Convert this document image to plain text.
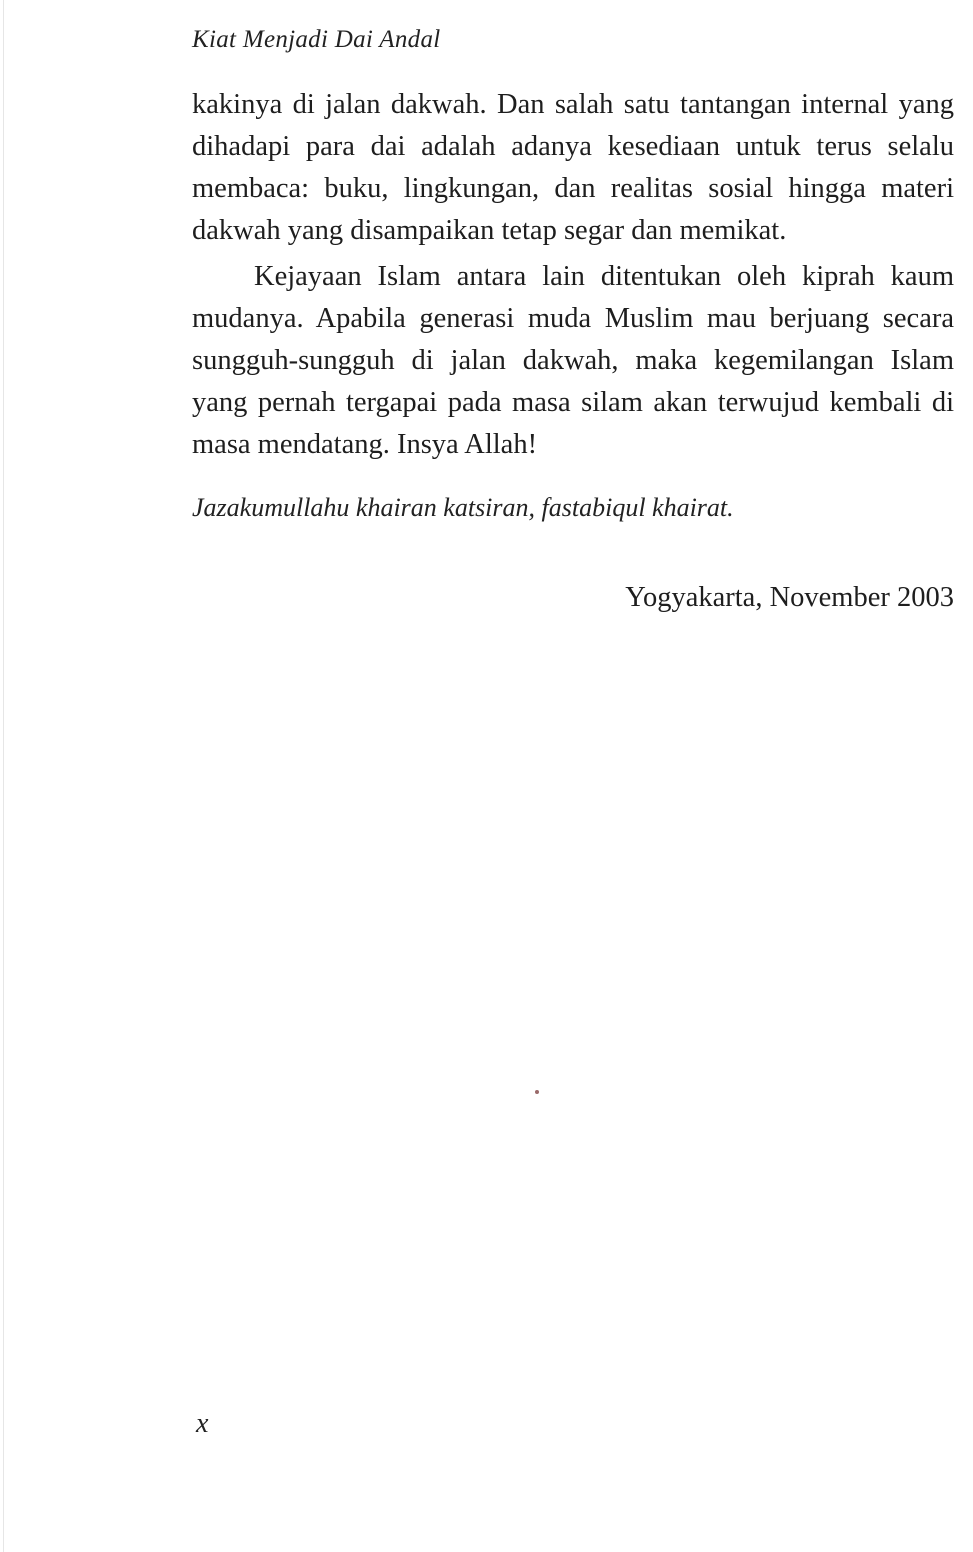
Kiat Menjadi Dai Andal

kakinya di jalan dakwah. Dan salah satu tantangan internal yang dihadapi para dai adalah adanya kesediaan untuk terus selalu membaca: buku, lingkungan, dan realitas sosial hingga materi dakwah yang disampaikan tetap segar dan memikat.

Kejayaan Islam antara lain ditentukan oleh kiprah kaum mudanya. Apabila generasi muda Muslim mau berjuang secara sungguh-sungguh di jalan dakwah, maka kegemilangan Islam yang pernah tergapai pada masa silam akan terwujud kembali di masa mendatang. Insya Allah!

Jazakumullahu khairan katsiran, fastabiqul khairat.
Yogyakarta, November 2003
x
